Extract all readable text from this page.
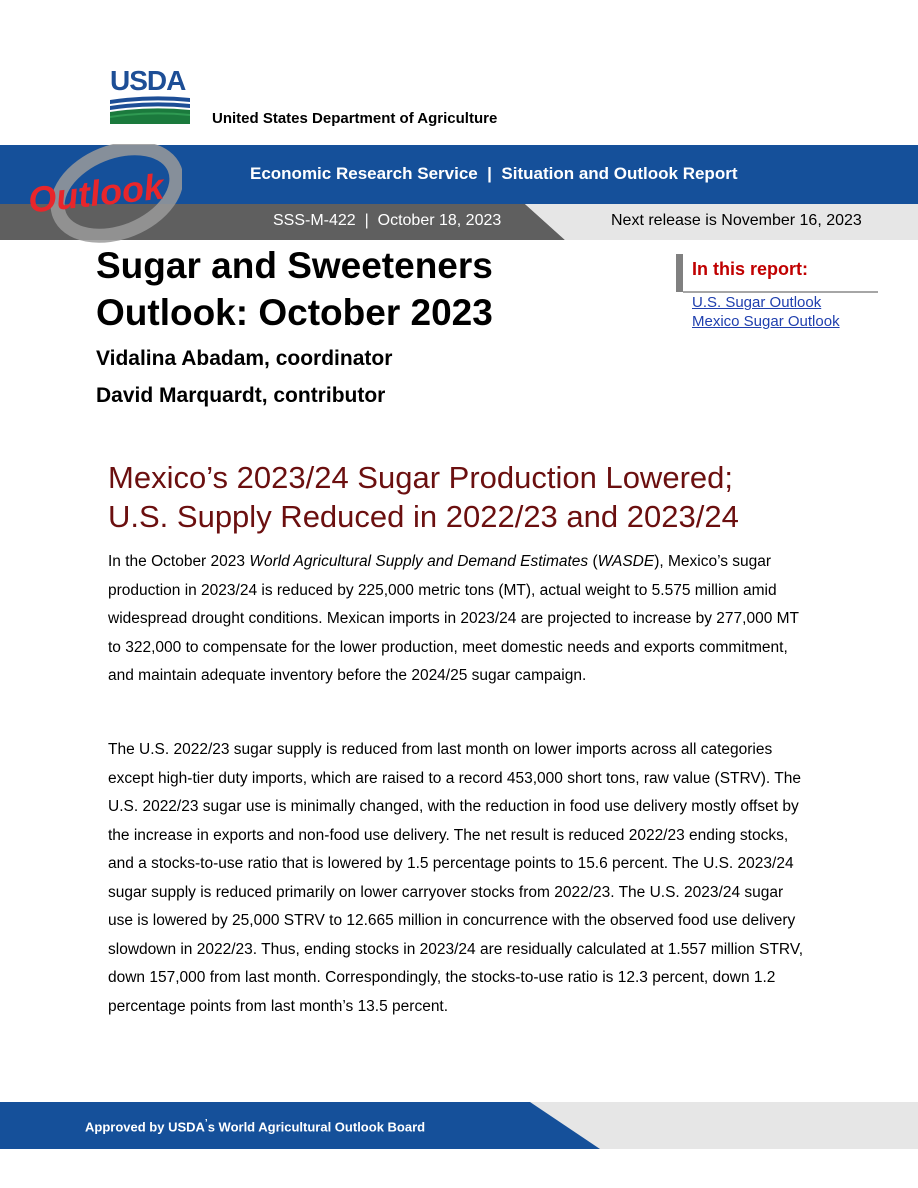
USDA
United States Department of Agriculture
Economic Research Service  |  Situation and Outlook Report
SSS-M-422  |  October 18, 2023	Next release is November 16, 2023
Outlook
Sugar and Sweeteners
Outlook: October 2023
Vidalina Abadam, coordinator
David Marquardt, contributor
In this report:
U.S. Sugar Outlook
Mexico Sugar Outlook
Mexico’s 2023/24 Sugar Production Lowered;
U.S. Supply Reduced in 2022/23 and 2023/24

In the October 2023 World Agricultural Supply and Demand Estimates (WASDE), Mexico’s sugar production in 2023/24 is reduced by 225,000 metric tons (MT), actual weight to 5.575 million amid widespread drought conditions. Mexican imports in 2023/24 are projected to increase by 277,000 MT to 322,000 to compensate for the lower production, meet domestic needs and exports commitment, and maintain adequate inventory before the 2024/25 sugar campaign.

The U.S. 2022/23 sugar supply is reduced from last month on lower imports across all categories except high-tier duty imports, which are raised to a record 453,000 short tons, raw value (STRV). The U.S. 2022/23 sugar use is minimally changed, with the reduction in food use delivery mostly offset by the increase in exports and non-food use delivery. The net result is reduced 2022/23 ending stocks, and a stocks-to-use ratio that is lowered by 1.5 percentage points to 15.6 percent. The U.S. 2023/24 sugar supply is reduced primarily on lower carryover stocks from 2022/23. The U.S. 2023/24 sugar use is lowered by 25,000 STRV to 12.665 million in concurrence with the observed food use delivery slowdown in 2022/23. Thus, ending stocks in 2023/24 are residually calculated at 1.557 million STRV, down 157,000 from last month. Correspondingly, the stocks-to-use ratio is 12.3 percent, down 1.2 percentage points from last month’s 13.5 percent.

Approved by USDA’s World Agricultural Outlook Board
